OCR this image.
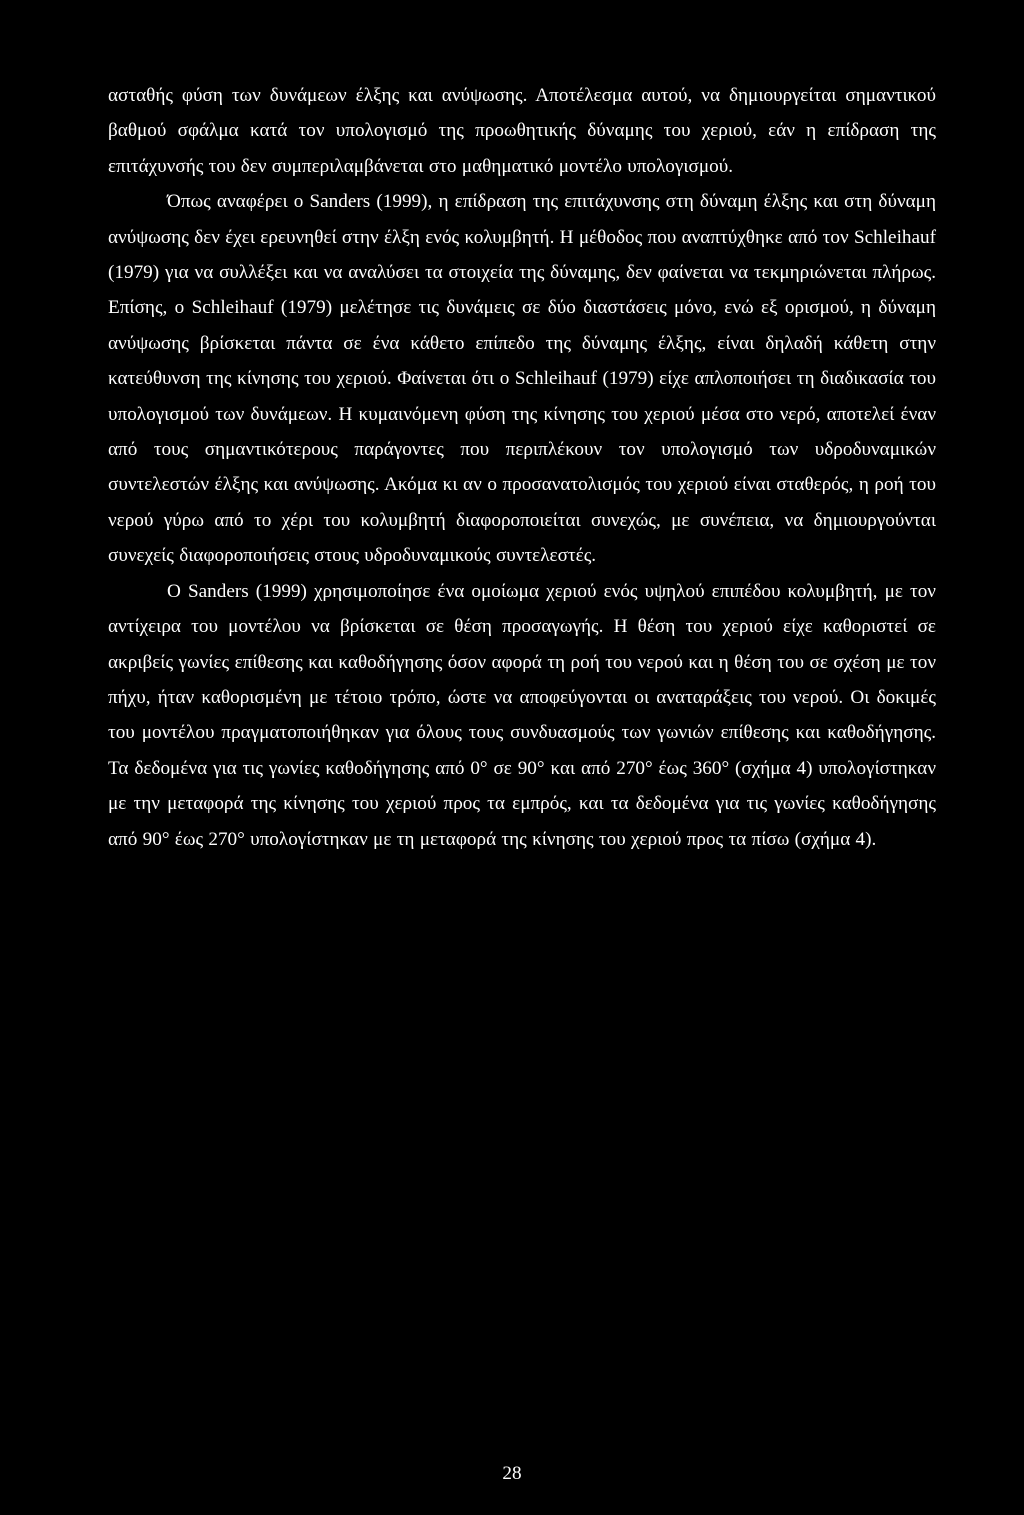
ασταθής φύση των δυνάμεων έλξης και ανύψωσης. Αποτέλεσμα αυτού, να δημιουργείται σημαντικού βαθμού σφάλμα κατά τον υπολογισμό της προωθητικής δύναμης του χεριού, εάν η επίδραση της επιτάχυνσής του δεν συμπεριλαμβάνεται στο μαθηματικό μοντέλο υπολογισμού.

Όπως αναφέρει ο Sanders (1999), η επίδραση της επιτάχυνσης στη δύναμη έλξης και στη δύναμη ανύψωσης δεν έχει ερευνηθεί στην έλξη ενός κολυμβητή. Η μέθοδος που αναπτύχθηκε από τον Schleihauf (1979) για να συλλέξει και να αναλύσει τα στοιχεία της δύναμης, δεν φαίνεται να τεκμηριώνεται πλήρως. Επίσης, ο Schleihauf (1979) μελέτησε τις δυνάμεις σε δύο διαστάσεις μόνο, ενώ εξ ορισμού, η δύναμη ανύψωσης βρίσκεται πάντα σε ένα κάθετο επίπεδο της δύναμης έλξης, είναι δηλαδή κάθετη στην κατεύθυνση της κίνησης του χεριού. Φαίνεται ότι ο Schleihauf (1979) είχε απλοποιήσει τη διαδικασία του υπολογισμού των δυνάμεων. Η κυμαινόμενη φύση της κίνησης του χεριού μέσα στο νερό, αποτελεί έναν από τους σημαντικότερους παράγοντες που περιπλέκουν τον υπολογισμό των υδροδυναμικών συντελεστών έλξης και ανύψωσης. Ακόμα κι αν ο προσανατολισμός του χεριού είναι σταθερός, η ροή του νερού γύρω από το χέρι του κολυμβητή διαφοροποιείται συνεχώς, με συνέπεια, να δημιουργούνται συνεχείς διαφοροποιήσεις στους υδροδυναμικούς συντελεστές.

Ο Sanders (1999) χρησιμοποίησε ένα ομοίωμα χεριού ενός υψηλού επιπέδου κολυμβητή, με τον αντίχειρα του μοντέλου να βρίσκεται σε θέση προσαγωγής. Η θέση του χεριού είχε καθοριστεί σε ακριβείς γωνίες επίθεσης και καθοδήγησης όσον αφορά τη ροή του νερού και η θέση του σε σχέση με τον πήχυ, ήταν καθορισμένη με τέτοιο τρόπο, ώστε να αποφεύγονται οι αναταράξεις του νερού. Οι δοκιμές του μοντέλου πραγματοποιήθηκαν για όλους τους συνδυασμούς των γωνιών επίθεσης και καθοδήγησης. Τα δεδομένα για τις γωνίες καθοδήγησης από 0° σε 90° και από 270° έως 360° (σχήμα 4) υπολογίστηκαν με την μεταφορά της κίνησης του χεριού προς τα εμπρός, και τα δεδομένα για τις γωνίες καθοδήγησης από 90° έως 270° υπολογίστηκαν με τη μεταφορά της κίνησης του χεριού προς τα πίσω (σχήμα 4).

28
